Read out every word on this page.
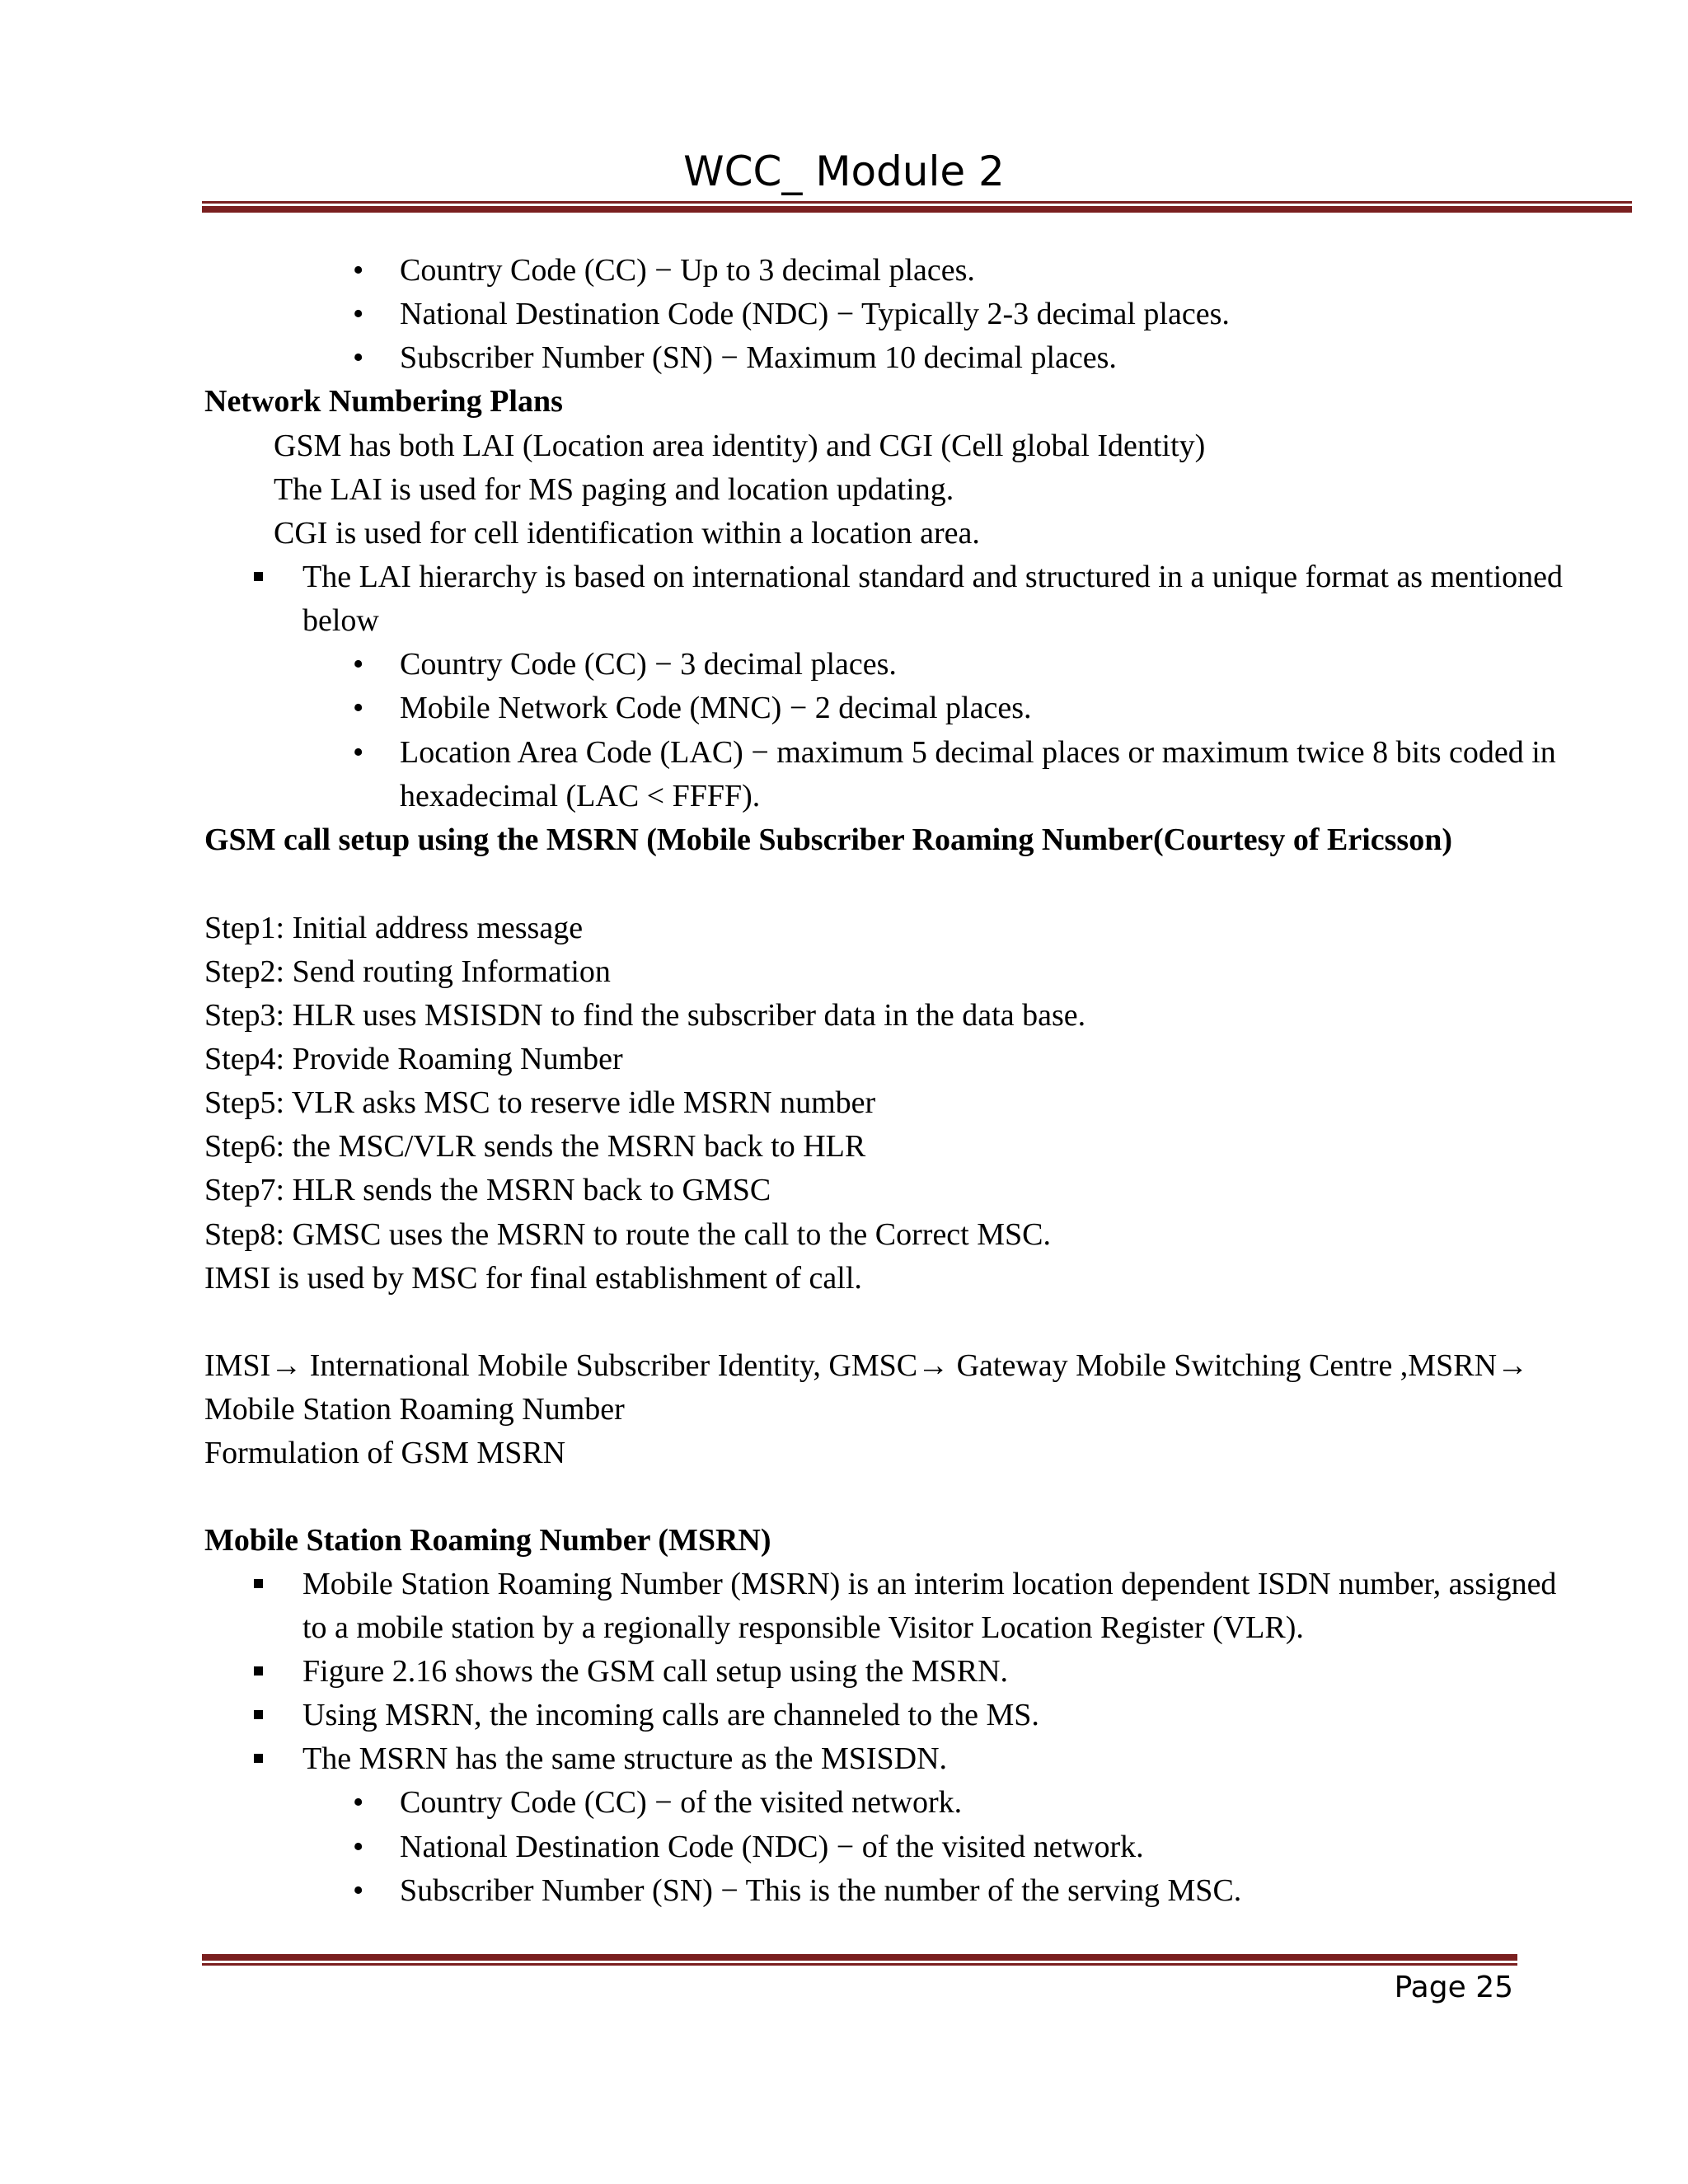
WCC_ Module 2
• Country Code (CC) − Up to 3 decimal places.
• National Destination Code (NDC) − Typically 2-3 decimal places.
• Subscriber Number (SN) − Maximum 10 decimal places.
Network Numbering Plans
GSM has both LAI (Location area identity) and CGI (Cell global Identity)
The LAI is used for MS paging and location updating.
CGI is used for cell identification within a location area.
The LAI hierarchy is based on international standard and structured in a unique format as mentioned
below
• Country Code (CC) − 3 decimal places.
• Mobile Network Code (MNC) − 2 decimal places.
• Location Area Code (LAC) − maximum 5 decimal places or maximum twice 8 bits coded in
hexadecimal (LAC < FFFF).
GSM call setup using the MSRN (Mobile Subscriber Roaming Number(Courtesy of Ericsson)
Step1: Initial address message
Step2: Send routing Information
Step3: HLR uses MSISDN to find the subscriber data in the data base.
Step4: Provide Roaming Number
Step5: VLR asks MSC to reserve idle MSRN number
Step6: the MSC/VLR sends the MSRN back to HLR
Step7: HLR sends the MSRN back to GMSC
Step8: GMSC uses the MSRN to route the call to the Correct MSC.
IMSI is used by MSC for final establishment of call.
IMSI→ International Mobile Subscriber Identity, GMSC→ Gateway Mobile Switching Centre ,MSRN→
Mobile Station Roaming Number
Formulation of GSM MSRN
Mobile Station Roaming Number (MSRN)
Mobile Station Roaming Number (MSRN) is an interim location dependent ISDN number, assigned
to a mobile station by a regionally responsible Visitor Location Register (VLR).
Figure 2.16 shows the GSM call setup using the MSRN.
Using MSRN, the incoming calls are channeled to the MS.
The MSRN has the same structure as the MSISDN.
• Country Code (CC) − of the visited network.
• National Destination Code (NDC) − of the visited network.
• Subscriber Number (SN) − This is the number of the serving MSC.
Page 25
